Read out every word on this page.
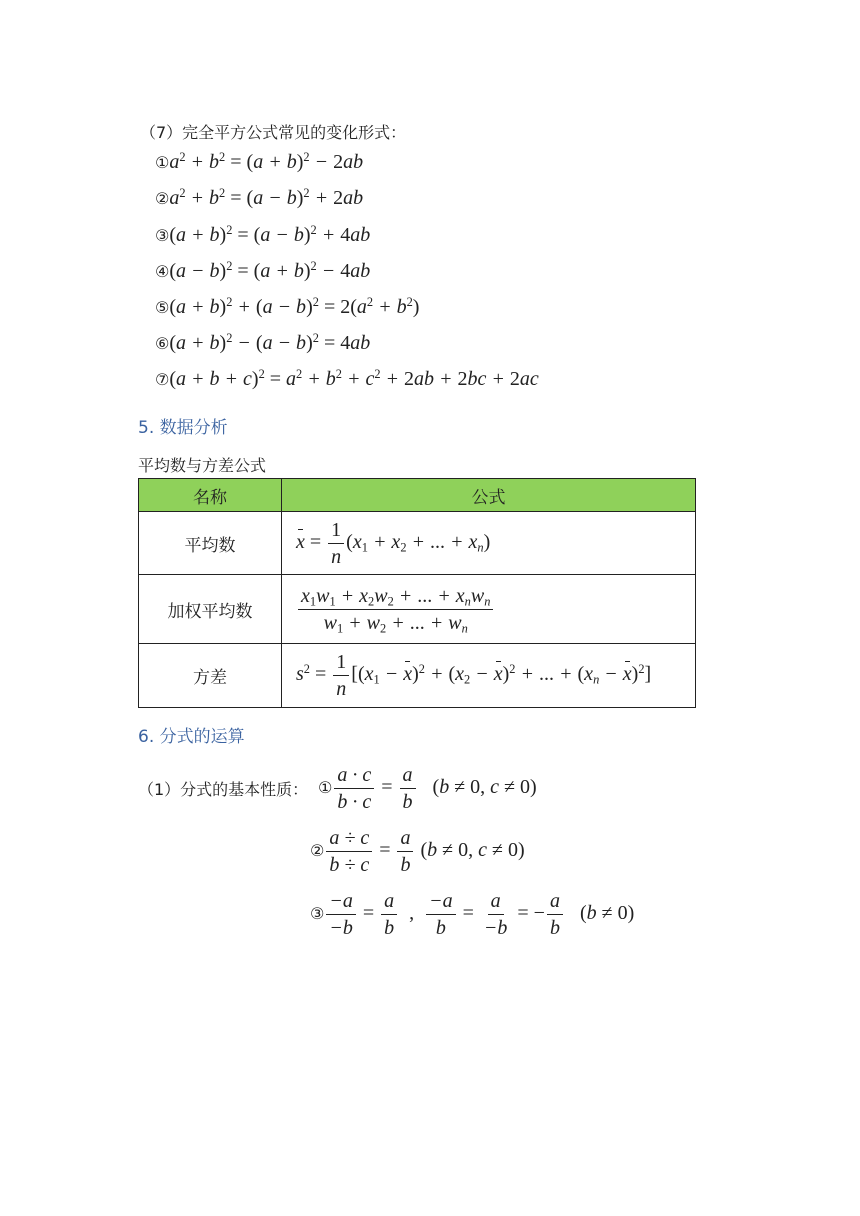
（7）完全平方公式常见的变化形式：
$①a^2 + b^2 = (a + b)^2 - 2ab$
$②a^2 + b^2 = (a - b)^2 + 2ab$
③(a + $b)^2 = (a - b)^2 + 4ab$
④(a − $b)^2 = (a + b)^2 - 4ab$
⑤(a + $b)^2 + (a - b)^2 = 2(a^2 + b^2)$
⑥(a + $b)^2 - (a - b)^2 = 4ab$
⑦(a + $b + c)^2 = a^2 + b^2 + c^2 + 2ab + 2bc + 2ac$
5. 数据分析
平均数与方差公式
名称	公式
平均数	$x = \frac{1}{n} (x_1 + x_2$ + ... + $x_n$)
加权平均数	$\frac{x_1w_1 + x_2w_2 + ... + x_nw_n}{w_1 + w_2 + ... + w_n}$

方差	$s^2 = \frac{1}{n} [(x_1 - x)^2 + (x_2 - x)^2$ + ... + $(x_n - x)^2$]
6. 分式的运算
（1）分式的基本性质： ① $\frac{a \cdot c}{b \cdot c} = \frac{a}{b} (b \ne 0$, c ≠ 0)
② $\frac{a \div c}{b \div c} = \frac{a}{b} (b \ne 0$, c ≠ 0)
③ $\frac{-a}{-b} = \frac{a}{b}$ , $\frac{-a}{b} = \frac{a}{-b}$ = − $\frac{a}{b} (b \ne 0)$
